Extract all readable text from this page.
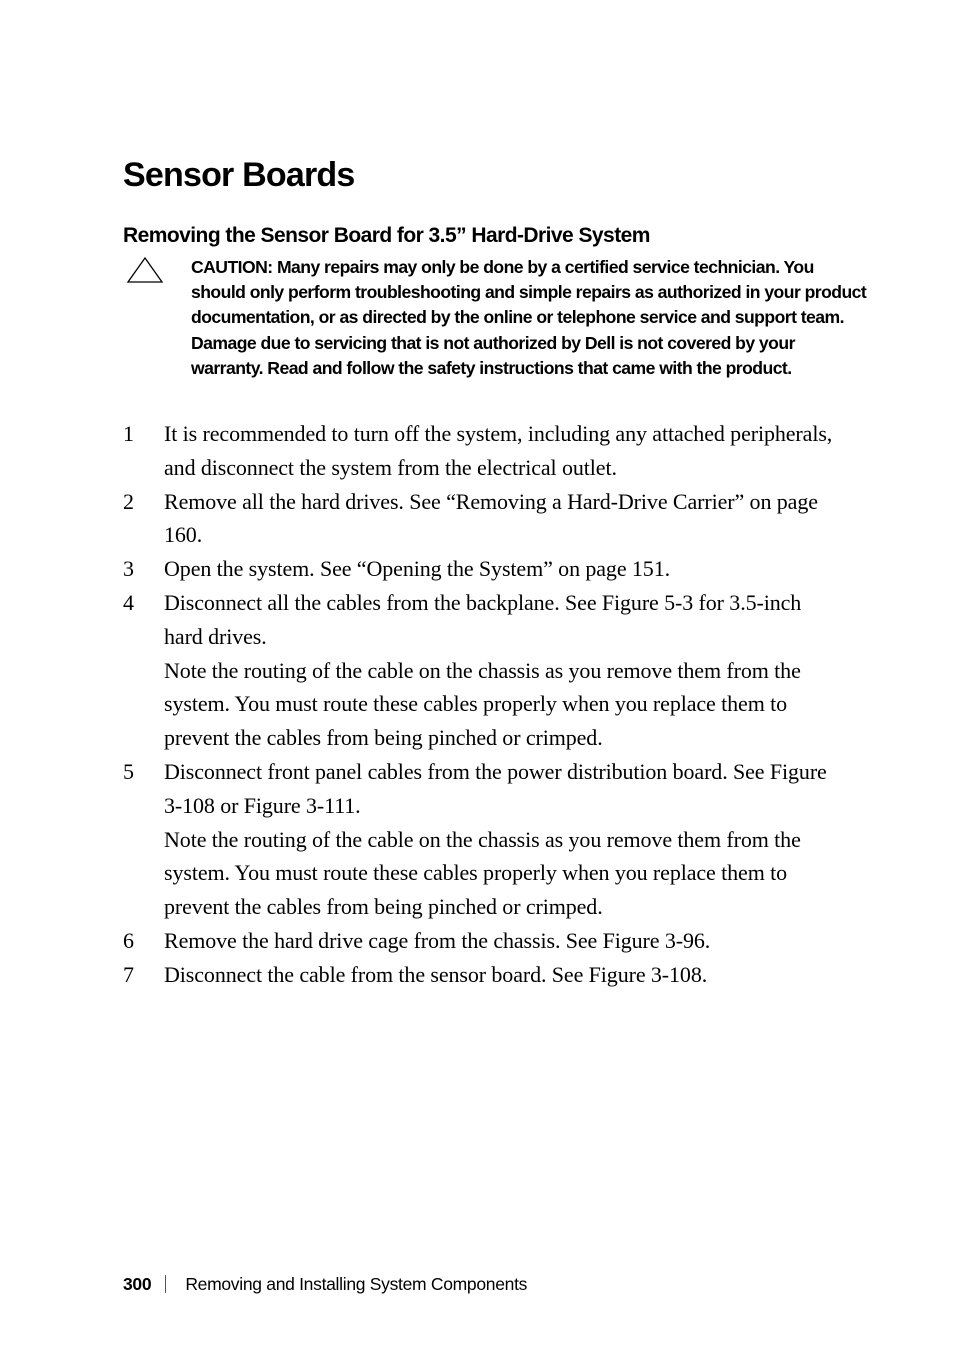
Sensor Boards
Removing the Sensor Board for 3.5” Hard-Drive System

CAUTION: Many repairs may only be done by a certified service technician. You should only perform troubleshooting and simple repairs as authorized in your product documentation, or as directed by the online or telephone service and support team. Damage due to servicing that is not authorized by Dell is not covered by your warranty. Read and follow the safety instructions that came with the product.

1 It is recommended to turn off the system, including any attached peripherals, and disconnect the system from the electrical outlet.

2 Remove all the hard drives. See “Removing a Hard-Drive Carrier” on page 160.

3 Open the system. See “Opening the System” on page 151.

4 Disconnect all the cables from the backplane. See Figure 5-3 for 3.5-inch hard drives.

Note the routing of the cable on the chassis as you remove them from the system. You must route these cables properly when you replace them to prevent the cables from being pinched or crimped.

5 Disconnect front panel cables from the power distribution board. See Figure 3-108 or Figure 3-111.

Note the routing of the cable on the chassis as you remove them from the system. You must route these cables properly when you replace them to prevent the cables from being pinched or crimped.

6 Remove the hard drive cage from the chassis. See Figure 3-96.

7 Disconnect the cable from the sensor board. See Figure 3-108.

300 Removing and Installing System Components
